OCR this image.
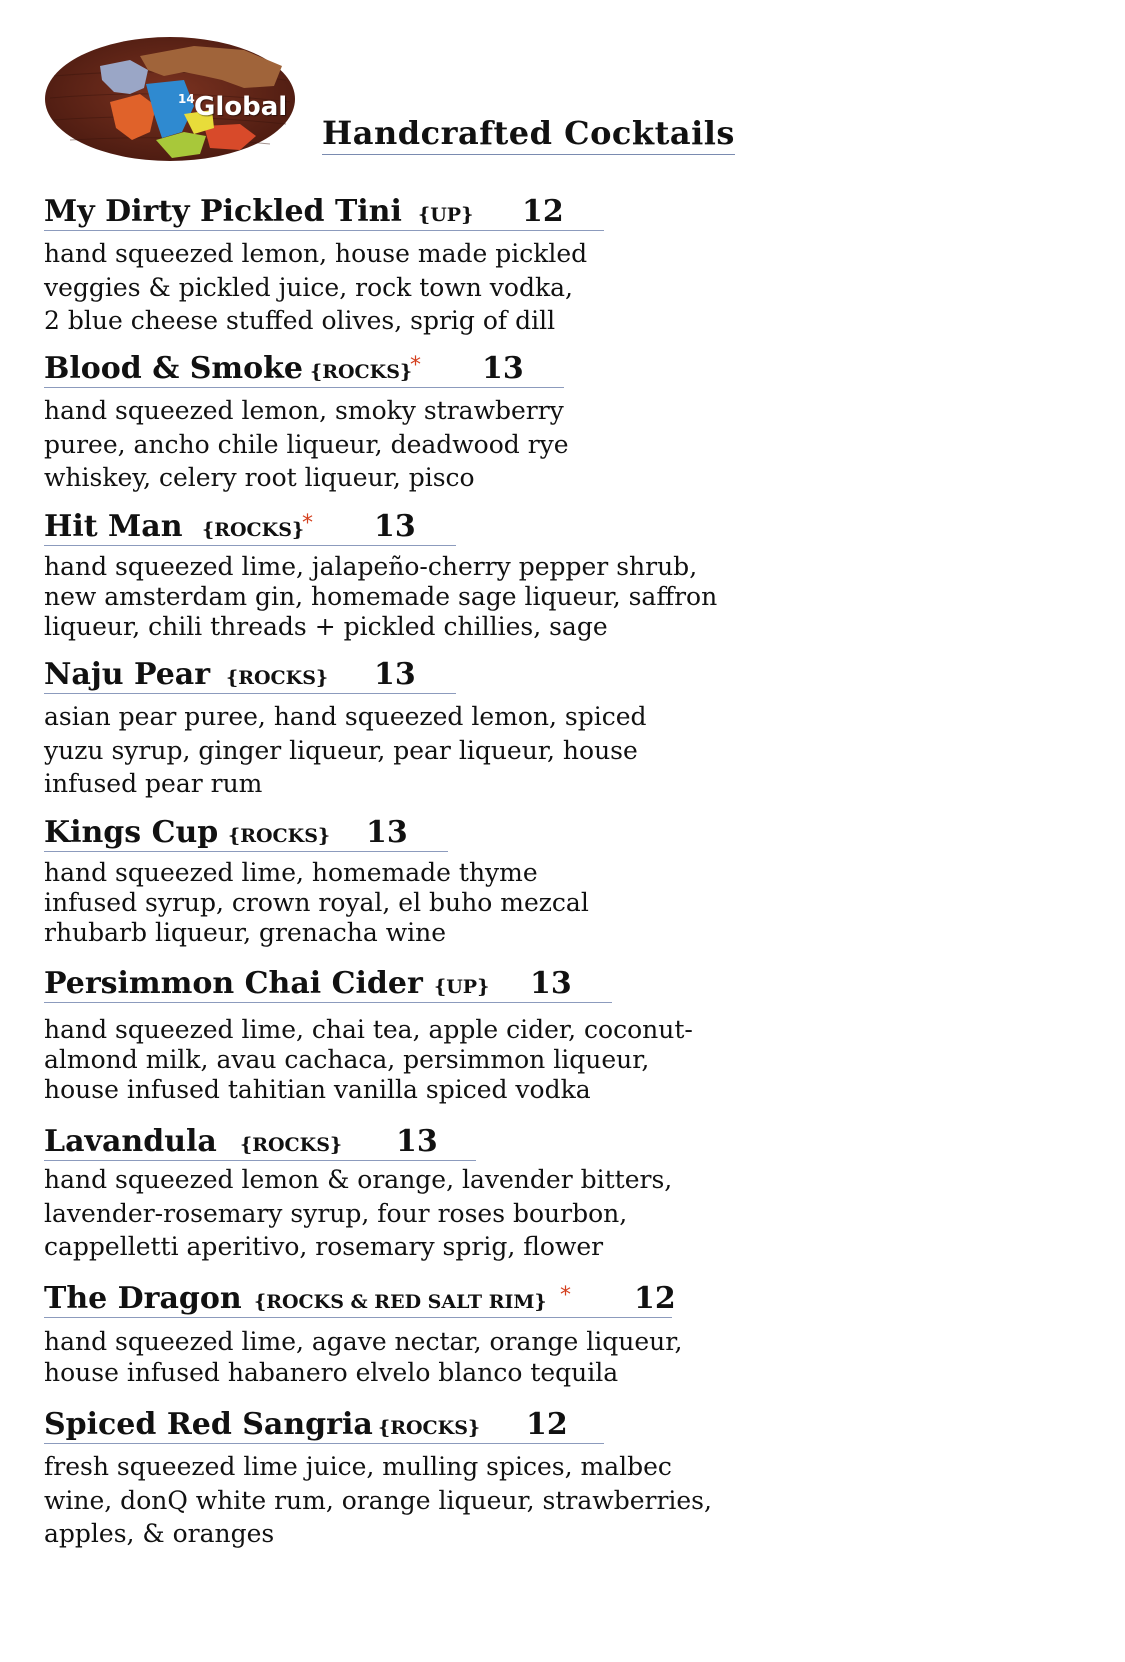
14 Global
Handcrafted Cocktails
My Dirty Pickled Tini {UP} 12
hand squeezed lemon, house made pickled
veggies & pickled juice, rock town vodka,
2 blue cheese stuffed olives, sprig of dill
Blood & Smoke {ROCKS}
* 13
hand squeezed lemon, smoky strawberry
puree, ancho chile liqueur, deadwood rye
whiskey, celery root liqueur, pisco
Hit Man {ROCKS}
* 13
hand squeezed lime, jalapeño-cherry pepper shrub,
new amsterdam gin, homemade sage liqueur, saffron
liqueur, chili threads + pickled chillies, sage
Naju Pear {ROCKS} 13
asian pear puree, hand squeezed lemon, spiced
yuzu syrup, ginger liqueur, pear liqueur, house
infused pear rum
Kings Cup {ROCKS} 13
hand squeezed lime, homemade thyme
infused syrup, crown royal, el buho mezcal
rhubarb liqueur, grenacha wine
Persimmon Chai Cider {UP} 13
hand squeezed lime, chai tea, apple cider, coconut-
almond milk, avau cachaca, persimmon liqueur,
house infused tahitian vanilla spiced vodka
Lavandula {ROCKS} 13
hand squeezed lemon & orange, lavender bitters,
lavender-rosemary syrup, four roses bourbon,
cappelletti aperitivo, rosemary sprig, flower
The Dragon {ROCKS & RED SALT RIM} * 12
hand squeezed lime, agave nectar, orange liqueur,
house infused habanero elvelo blanco tequila
Spiced Red Sangria {ROCKS} 12
fresh squeezed lime juice, mulling spices, malbec
wine, donQ white rum, orange liqueur, strawberries,
apples, & oranges
